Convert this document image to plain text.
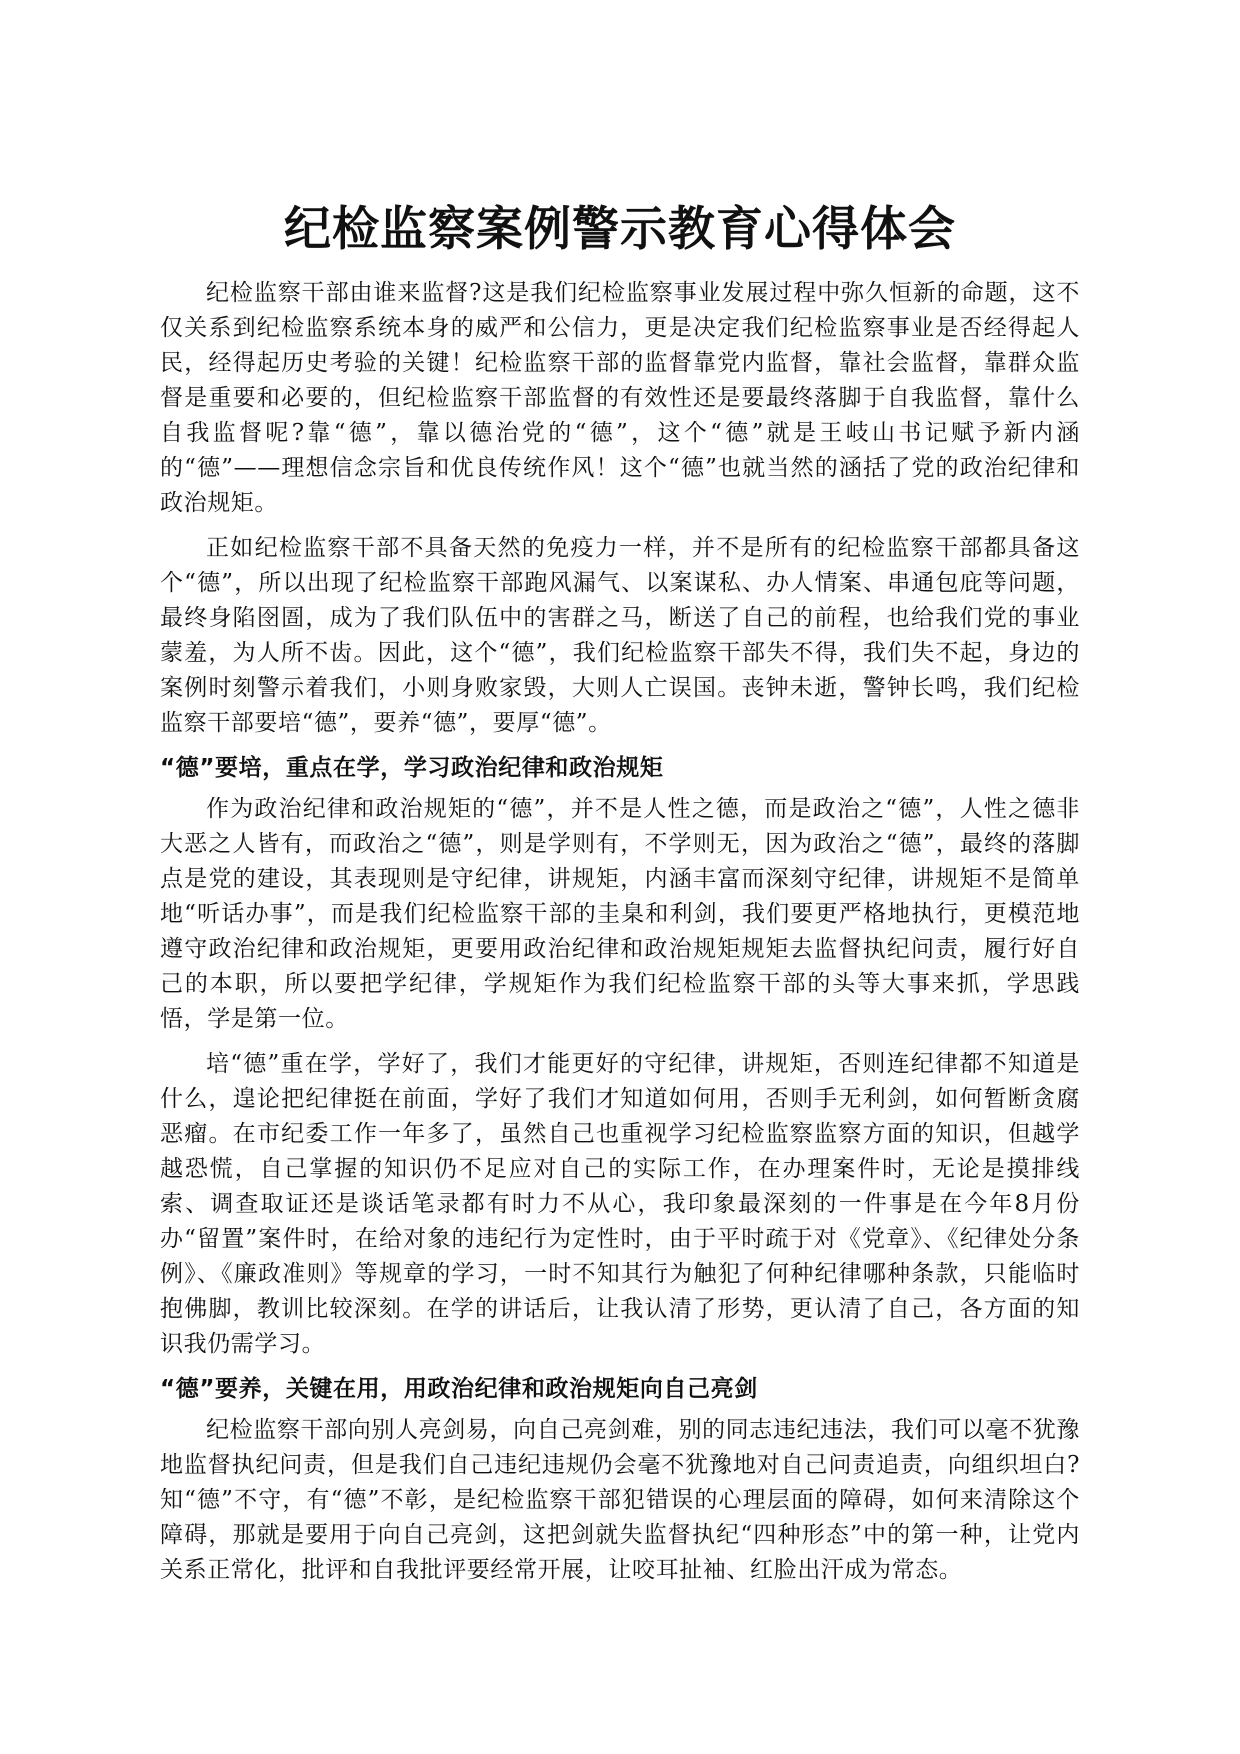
纪检监察案例警示教育心得体会

纪检监察干部由谁来监督?这是我们纪检监察事业发展过程中弥久恒新的命题，这不仅关系到纪检监察系统本身的威严和公信力，更是决定我们纪检监察事业是否经得起人民，经得起历史考验的关键！纪检监察干部的监督靠党内监督，靠社会监督，靠群众监督是重要和必要的，但纪检监察干部监督的有效性还是要最终落脚于自我监督，靠什么自我监督呢?靠“德”，靠以德治党的“德”，这个“德”就是王岐山书记赋予新内涵的“德”——理想信念宗旨和优良传统作风！这个“德”也就当然的涵括了党的政治纪律和政治规矩。

正如纪检监察干部不具备天然的免疫力一样，并不是所有的纪检监察干部都具备这个“德”，所以出现了纪检监察干部跑风漏气、以案谋私、办人情案、串通包庇等问题，最终身陷囹圄，成为了我们队伍中的害群之马，断送了自己的前程，也给我们党的事业蒙羞，为人所不齿。因此，这个“德”，我们纪检监察干部失不得，我们失不起，身边的案例时刻警示着我们，小则身败家毁，大则人亡误国。丧钟未逝，警钟长鸣，我们纪检监察干部要培“德”，要养“德”，要厚“德”。

“德”要培，重点在学，学习政治纪律和政治规矩

作为政治纪律和政治规矩的“德”，并不是人性之德，而是政治之“德”，人性之德非大恶之人皆有，而政治之“德”，则是学则有，不学则无，因为政治之“德”，最终的落脚点是党的建设，其表现则是守纪律，讲规矩，内涵丰富而深刻守纪律，讲规矩不是简单地“听话办事”，而是我们纪检监察干部的圭臬和利剑，我们要更严格地执行，更模范地遵守政治纪律和政治规矩，更要用政治纪律和政治规矩规矩去监督执纪问责，履行好自己的本职，所以要把学纪律，学规矩作为我们纪检监察干部的头等大事来抓，学思践悟，学是第一位。

培“德”重在学，学好了，我们才能更好的守纪律，讲规矩，否则连纪律都不知道是什么，遑论把纪律挺在前面，学好了我们才知道如何用，否则手无利剑，如何暂断贪腐恶瘤。在市纪委工作一年多了，虽然自己也重视学习纪检监察监察方面的知识，但越学越恐慌，自己掌握的知识仍不足应对自己的实际工作，在办理案件时，无论是摸排线索、调查取证还是谈话笔录都有时力不从心，我印象最深刻的一件事是在今年8月份办“留置”案件时，在给对象的违纪行为定性时，由于平时疏于对《党章》、《纪律处分条例》、《廉政准则》等规章的学习，一时不知其行为触犯了何种纪律哪种条款，只能临时抱佛脚，教训比较深刻。在学的讲话后，让我认清了形势，更认清了自己，各方面的知识我仍需学习。

“德”要养，关键在用，用政治纪律和政治规矩向自己亮剑

纪检监察干部向别人亮剑易，向自己亮剑难，别的同志违纪违法，我们可以毫不犹豫地监督执纪问责，但是我们自己违纪违规仍会毫不犹豫地对自己问责追责，向组织坦白?知“德”不守，有“德”不彰，是纪检监察干部犯错误的心理层面的障碍，如何来清除这个障碍，那就是要用于向自己亮剑，这把剑就失监督执纪“四种形态”中的第一种，让党内关系正常化，批评和自我批评要经常开展，让咬耳扯袖、红脸出汗成为常态。
